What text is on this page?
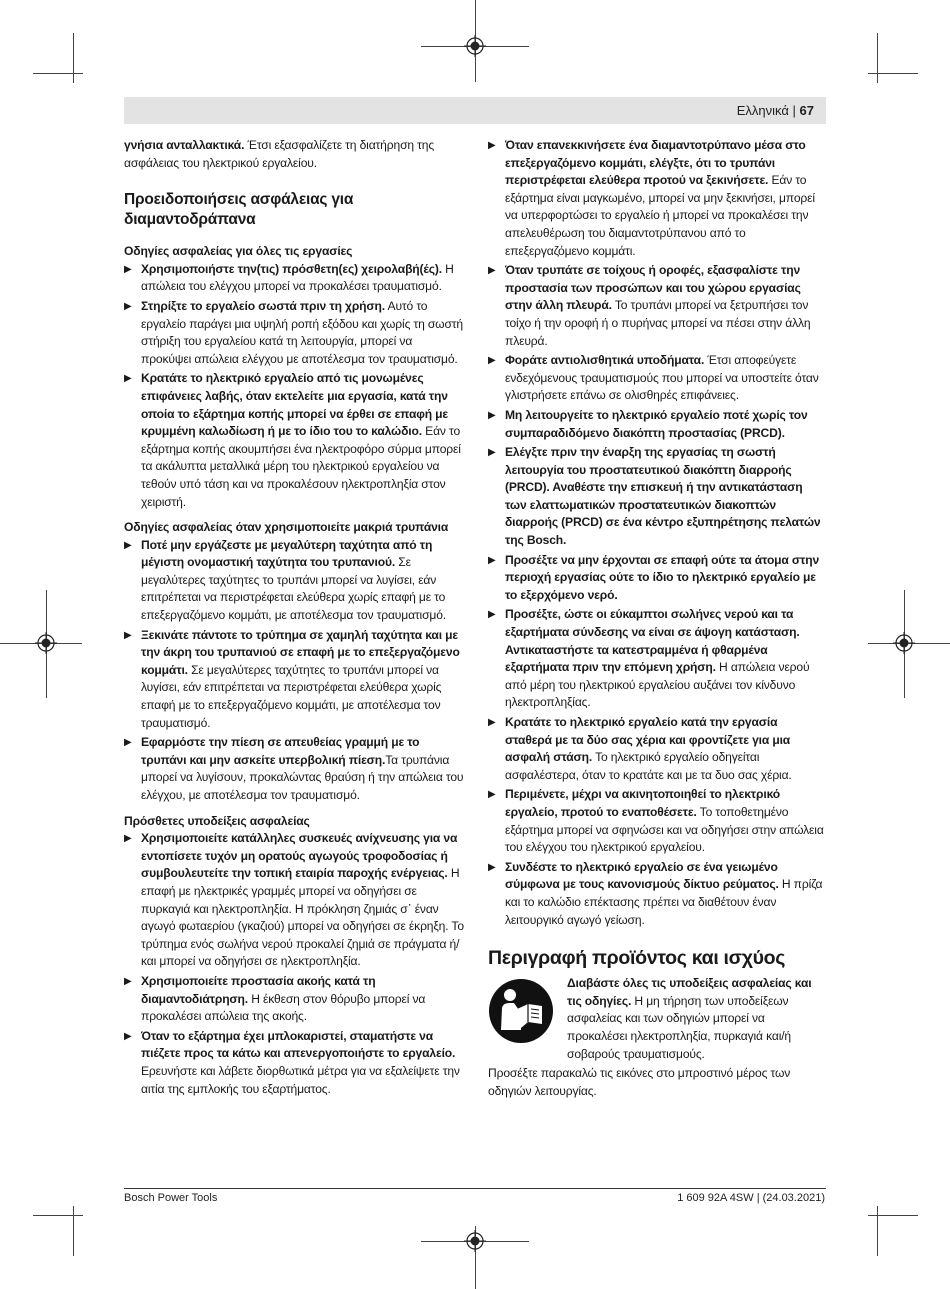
Ελληνικά | 67

γνήσια ανταλλακτικά. Έτσι εξασφαλίζετε τη διατήρηση της ασφάλειας του ηλεκτρικού εργαλείου.

Προειδοποιήσεις ασφάλειας για διαμαντοδράπανα

Οδηγίες ασφαλείας για όλες τις εργασίες

▶ Χρησιμοποιήστε την(τις) πρόσθετη(ες) χειρολαβή(ές). Η απώλεια του ελέγχου μπορεί να προκαλέσει τραυματισμό.

▶ Στηρίξτε το εργαλείο σωστά πριν τη χρήση. Αυτό το εργαλείο παράγει μια υψηλή ροπή εξόδου και χωρίς τη σωστή στήριξη του εργαλείου κατά τη λειτουργία, μπορεί να προκύψει απώλεια ελέγχου με αποτέλεσμα τον τραυματισμό.

▶ Κρατάτε το ηλεκτρικό εργαλείο από τις μονωμένες επιφάνειες λαβής, όταν εκτελείτε μια εργασία, κατά την οποία το εξάρτημα κοπής μπορεί να έρθει σε επαφή με κρυμμένη καλωδίωση ή με το ίδιο του το καλώδιο. Εάν το εξάρτημα κοπής ακουμπήσει ένα ηλεκτροφόρο σύρμα μπορεί τα ακάλυπτα μεταλλικά μέρη του ηλεκτρικού εργαλείου να τεθούν υπό τάση και να προκαλέσουν ηλεκτροπληξία στον χειριστή.

Οδηγίες ασφαλείας όταν χρησιμοποιείτε μακριά τρυπάνια

▶ Ποτέ μην εργάζεστε με μεγαλύτερη ταχύτητα από τη μέγιστη ονομαστική ταχύτητα του τρυπανιού. Σε μεγαλύτερες ταχύτητες το τρυπάνι μπορεί να λυγίσει, εάν επιτρέπεται να περιστρέφεται ελεύθερα χωρίς επαφή με το επεξεργαζόμενο κομμάτι, με αποτέλεσμα τον τραυματισμό.

▶ Ξεκινάτε πάντοτε το τρύπημα σε χαμηλή ταχύτητα και με την άκρη του τρυπανιού σε επαφή με το επεξεργαζόμενο κομμάτι. Σε μεγαλύτερες ταχύτητες το τρυπάνι μπορεί να λυγίσει, εάν επιτρέπεται να περιστρέφεται ελεύθερα χωρίς επαφή με το επεξεργαζόμενο κομμάτι, με αποτέλεσμα τον τραυματισμό.

▶ Εφαρμόστε την πίεση σε απευθείας γραμμή με το τρυπάνι και μην ασκείτε υπερβολική πίεση.Τα τρυπάνια μπορεί να λυγίσουν, προκαλώντας θραύση ή την απώλεια του ελέγχου, με αποτέλεσμα τον τραυματισμό.

Πρόσθετες υποδείξεις ασφαλείας

▶ Χρησιμοποιείτε κατάλληλες συσκευές ανίχνευσης για να εντοπίσετε τυχόν μη ορατούς αγωγούς τροφοδοσίας ή συμβουλευτείτε την τοπική εταιρία παροχής ενέργειας. Η επαφή με ηλεκτρικές γραμμές μπορεί να οδηγήσει σε πυρκαγιά και ηλεκτροπληξία. Η πρόκληση ζημιάς σ᾽ έναν αγωγό φωταερίου (γκαζιού) μπορεί να οδηγήσει σε έκρηξη. Το τρύπημα ενός σωλήνα νερού προκαλεί ζημιά σε πράγματα ή/και μπορεί να οδηγήσει σε ηλεκτροπληξία.

▶ Χρησιμοποιείτε προστασία ακοής κατά τη διαμαντοδιάτρηση. Η έκθεση στον θόρυβο μπορεί να προκαλέσει απώλεια της ακοής.

▶ Όταν το εξάρτημα έχει μπλοκαριστεί, σταματήστε να πιέζετε προς τα κάτω και απενεργοποιήστε το εργαλείο. Ερευνήστε και λάβετε διορθωτικά μέτρα για να εξαλείψετε την αιτία της εμπλοκής του εξαρτήματος.

▶ Όταν επανεκκινήσετε ένα διαμαντοτρύπανο μέσα στο επεξεργαζόμενο κομμάτι, ελέγξτε, ότι το τρυπάνι περιστρέφεται ελεύθερα προτού να ξεκινήσετε. Εάν το εξάρτημα είναι μαγκωμένο, μπορεί να μην ξεκινήσει, μπορεί να υπερφορτώσει το εργαλείο ή μπορεί να προκαλέσει την απελευθέρωση του διαμαντοτρύπανου από το επεξεργαζόμενο κομμάτι.

▶ Όταν τρυπάτε σε τοίχους ή οροφές, εξασφαλίστε την προστασία των προσώπων και του χώρου εργασίας στην άλλη πλευρά. Το τρυπάνι μπορεί να ξετρυπήσει τον τοίχο ή την οροφή ή ο πυρήνας μπορεί να πέσει στην άλλη πλευρά.

▶ Φοράτε αντιολισθητικά υποδήματα. Έτσι αποφεύγετε ενδεχόμενους τραυματισμούς που μπορεί να υποστείτε όταν γλιστρήσετε επάνω σε ολισθηρές επιφάνειες.

▶ Μη λειτουργείτε το ηλεκτρικό εργαλείο ποτέ χωρίς τον συμπαραδιδόμενο διακόπτη προστασίας (PRCD).

▶ Ελέγξτε πριν την έναρξη της εργασίας τη σωστή λειτουργία του προστατευτικού διακόπτη διαρροής (PRCD). Αναθέστε την επισκευή ή την αντικατάσταση των ελαττωματικών προστατευτικών διακοπτών διαρροής (PRCD) σε ένα κέντρο εξυπηρέτησης πελατών της Bosch.

▶ Προσέξτε να μην έρχονται σε επαφή ούτε τα άτομα στην περιοχή εργασίας ούτε το ίδιο το ηλεκτρικό εργαλείο με το εξερχόμενο νερό.

▶ Προσέξτε, ώστε οι εύκαμπτοι σωλήνες νερού και τα εξαρτήματα σύνδεσης να είναι σε άψογη κατάσταση. Αντικαταστήστε τα κατεστραμμένα ή φθαρμένα εξαρτήματα πριν την επόμενη χρήση. Η απώλεια νερού από μέρη του ηλεκτρικού εργαλείου αυξάνει τον κίνδυνο ηλεκτροπληξίας.

▶ Κρατάτε το ηλεκτρικό εργαλείο κατά την εργασία σταθερά με τα δύο σας χέρια και φροντίζετε για μια ασφαλή στάση. Το ηλεκτρικό εργαλείο οδηγείται ασφαλέστερα, όταν το κρατάτε και με τα δυο σας χέρια.

▶ Περιμένετε, μέχρι να ακινητοποιηθεί το ηλεκτρικό εργαλείο, προτού το εναποθέσετε. Το τοποθετημένο εξάρτημα μπορεί να σφηνώσει και να οδηγήσει στην απώλεια του ελέγχου του ηλεκτρικού εργαλείου.

▶ Συνδέστε το ηλεκτρικό εργαλείο σε ένα γειωμένο σύμφωνα με τους κανονισμούς δίκτυο ρεύματος. Η πρίζα και το καλώδιο επέκτασης πρέπει να διαθέτουν έναν λειτουργικό αγωγό γείωση.

Περιγραφή προϊόντος και ισχύος

Διαβάστε όλες τις υποδείξεις ασφαλείας και τις οδηγίες. Η μη τήρηση των υποδείξεων ασφαλείας και των οδηγιών μπορεί να προκαλέσει ηλεκτροπληξία, πυρκαγιά και/ή σοβαρούς τραυματισμούς.

Προσέξτε παρακαλώ τις εικόνες στο μπροστινό μέρος των οδηγιών λειτουργίας.

Bosch Power Tools	1 609 92A 4SW | (24.03.2021)
